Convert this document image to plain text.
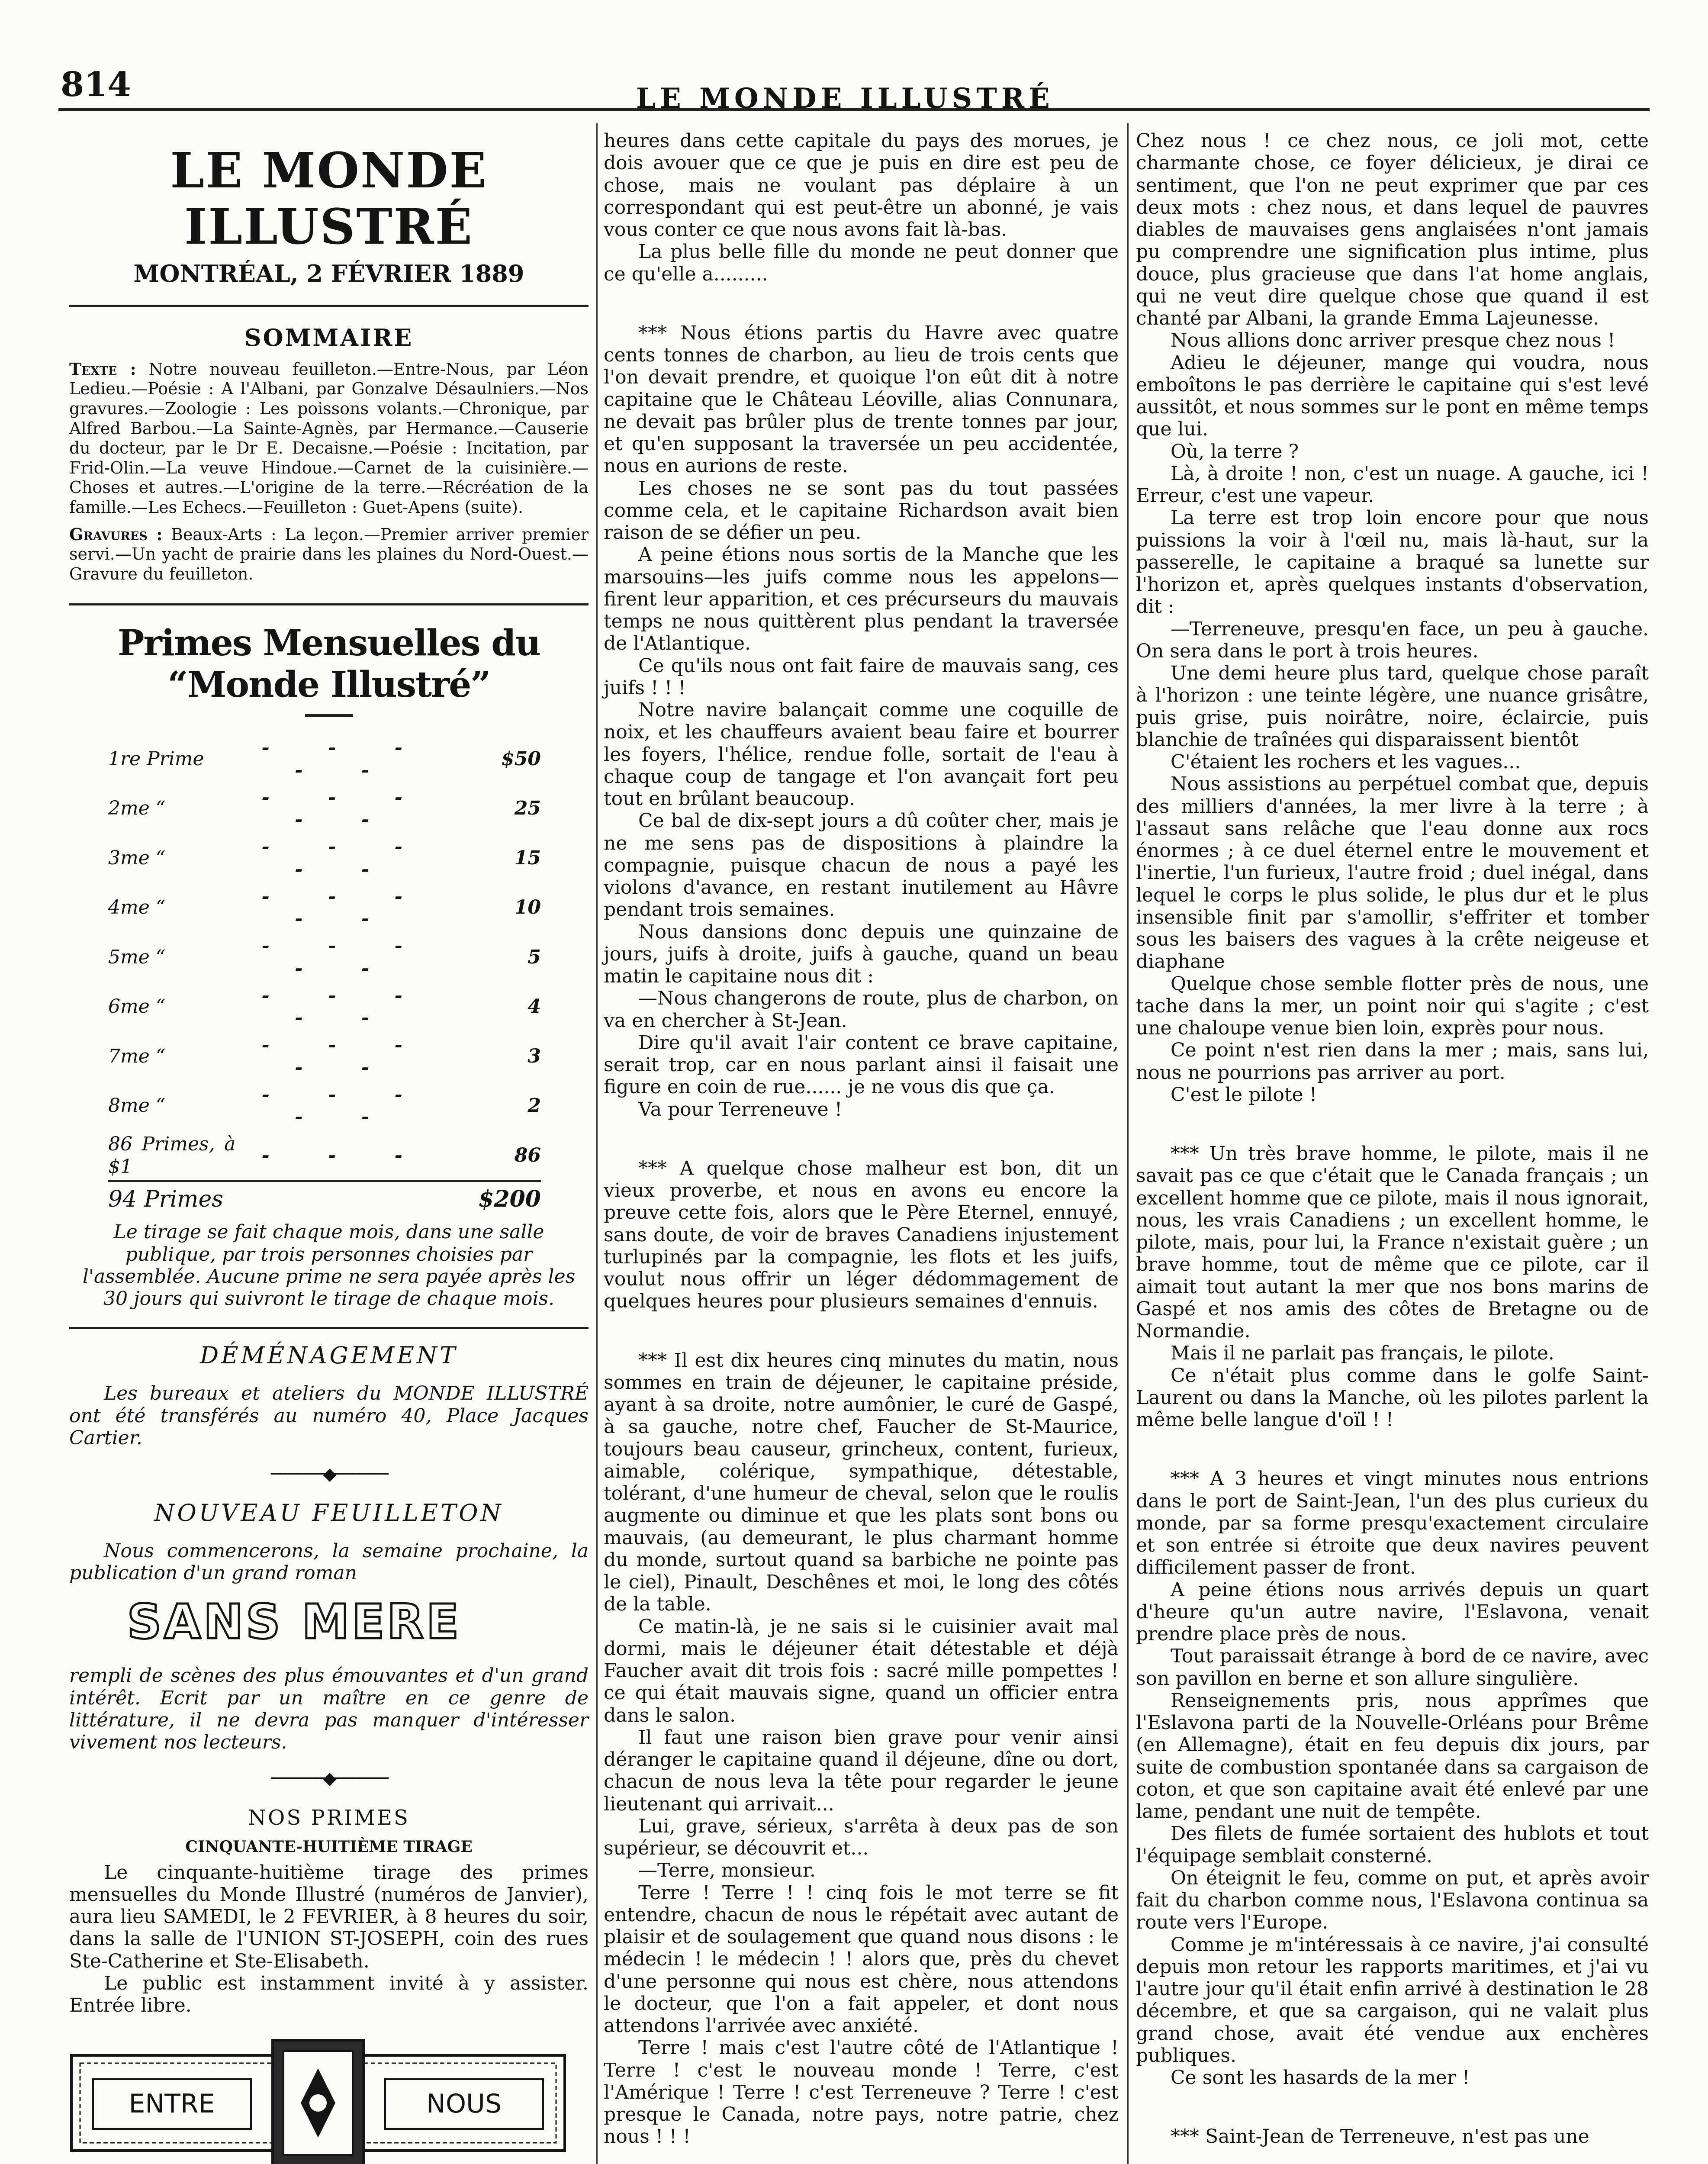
814	LE MONDE ILLUSTRÉ
LE MONDE ILLUSTRÉ
MONTRÉAL, 2 FÉVRIER 1889
SOMMAIRE

Texte : Notre nouveau feuilleton.—Entre-Nous, par Léon Ledieu.—Poésie : A l'Albani, par Gonzalve Désaulniers.—Nos gravures.—Zoologie : Les poissons volants.—Chronique, par Alfred Barbou.—La Sainte-Agnès, par Hermance.—Causerie du docteur, par le Dr E. Decaisne.—Poésie : Incitation, par Frid-Olin.—La veuve Hindoue.—Carnet de la cuisinière.—Choses et autres.—L'origine de la terre.—Récréation de la famille.—Les Echecs.—Feuilleton : Guet-Apens (suite).

Gravures : Beaux-Arts : La leçon.—Premier arriver premier servi.—Un yacht de prairie dans les plaines du Nord-Ouest.—Gravure du feuilleton.

Primes Mensuelles du “Monde Illustré”
1re Prime	- - - - -	$50
2me “	- - - - -	25
3me “	- - - - -	15
4me “	- - - - -	10
5me “	- - - - -	5
6me “	- - - - -	4
7me “	- - - - -	3
8me “	- - - - -	2
86 Primes, à $1	- - -	86
94 Primes	$200

Le tirage se fait chaque mois, dans une salle publique, par trois personnes choisies par l'assemblée. Aucune prime ne sera payée après les 30 jours qui suivront le tirage de chaque mois.

DÉMÉNAGEMENT

Les bureaux et ateliers du MONDE ILLUSTRÉ ont été transférés au numéro 40, Place Jacques Cartier.

──────◆──────
NOUVEAU FEUILLETON

Nous commencerons, la semaine prochaine, la publication d'un grand roman

SANS MERE

rempli de scènes des plus émouvantes et d'un grand intérêt. Ecrit par un maître en ce genre de littérature, il ne devra pas manquer d'intéresser vivement nos lecteurs.

──────◆──────
NOS PRIMES
CINQUANTE-HUITIÈME TIRAGE

Le cinquante-huitième tirage des primes mensuelles du Monde Illustré (numéros de Janvier), aura lieu SAMEDI, le 2 FEVRIER, à 8 heures du soir, dans la salle de l'UNION ST-JOSEPH, coin des rues Ste-Catherine et Ste-Elisabeth.

Le public est instamment invité à y assister. Entrée libre.

ENTRE	NOUS

heures dans cette capitale du pays des morues, je dois avouer que ce que je puis en dire est peu de chose, mais ne voulant pas déplaire à un correspondant qui est peut-être un abonné, je vais vous conter ce que nous avons fait là-bas.

La plus belle fille du monde ne peut donner que ce qu'elle a.........

*** Nous étions partis du Havre avec quatre cents tonnes de charbon, au lieu de trois cents que l'on devait prendre, et quoique l'on eût dit à notre capitaine que le Château Léoville, alias Connunara, ne devait pas brûler plus de trente tonnes par jour, et qu'en supposant la traversée un peu accidentée, nous en aurions de reste.

Les choses ne se sont pas du tout passées comme cela, et le capitaine Richardson avait bien raison de se défier un peu.

A peine étions nous sortis de la Manche que les marsouins—les juifs comme nous les appelons—firent leur apparition, et ces précurseurs du mauvais temps ne nous quittèrent plus pendant la traversée de l'Atlantique.

Ce qu'ils nous ont fait faire de mauvais sang, ces juifs ! ! !

Notre navire balançait comme une coquille de noix, et les chauffeurs avaient beau faire et bourrer les foyers, l'hélice, rendue folle, sortait de l'eau à chaque coup de tangage et l'on avançait fort peu tout en brûlant beaucoup.

Ce bal de dix-sept jours a dû coûter cher, mais je ne me sens pas de dispositions à plaindre la compagnie, puisque chacun de nous a payé les violons d'avance, en restant inutilement au Hâvre pendant trois semaines.

Nous dansions donc depuis une quinzaine de jours, juifs à droite, juifs à gauche, quand un beau matin le capitaine nous dit :

—Nous changerons de route, plus de charbon, on va en chercher à St-Jean.

Dire qu'il avait l'air content ce brave capitaine, serait trop, car en nous parlant ainsi il faisait une figure en coin de rue...... je ne vous dis que ça.

Va pour Terreneuve !

*** A quelque chose malheur est bon, dit un vieux proverbe, et nous en avons eu encore la preuve cette fois, alors que le Père Eternel, ennuyé, sans doute, de voir de braves Canadiens injustement turlupinés par la compagnie, les flots et les juifs, voulut nous offrir un léger dédommagement de quelques heures pour plusieurs semaines d'ennuis.

*** Il est dix heures cinq minutes du matin, nous sommes en train de déjeuner, le capitaine préside, ayant à sa droite, notre aumônier, le curé de Gaspé, à sa gauche, notre chef, Faucher de St-Maurice, toujours beau causeur, grincheux, content, furieux, aimable, colérique, sympathique, détestable, tolérant, d'une humeur de cheval, selon que le roulis augmente ou diminue et que les plats sont bons ou mauvais, (au demeurant, le plus charmant homme du monde, surtout quand sa barbiche ne pointe pas le ciel), Pinault, Deschênes et moi, le long des côtés de la table.

Ce matin-là, je ne sais si le cuisinier avait mal dormi, mais le déjeuner était détestable et déjà Faucher avait dit trois fois : sacré mille pompettes ! ce qui était mauvais signe, quand un officier entra dans le salon.

Il faut une raison bien grave pour venir ainsi déranger le capitaine quand il déjeune, dîne ou dort, chacun de nous leva la tête pour regarder le jeune lieutenant qui arrivait...

Lui, grave, sérieux, s'arrêta à deux pas de son supérieur, se découvrit et...

—Terre, monsieur.

Terre ! Terre ! ! cinq fois le mot terre se fit entendre, chacun de nous le répétait avec autant de plaisir et de soulagement que quand nous disons : le médecin ! le médecin ! ! alors que, près du chevet d'une personne qui nous est chère, nous attendons le docteur, que l'on a fait appeler, et dont nous attendons l'arrivée avec anxiété.

Terre ! mais c'est l'autre côté de l'Atlantique ! Terre ! c'est le nouveau monde ! Terre, c'est l'Amérique ! Terre ! c'est Terreneuve ? Terre ! c'est presque le Canada, notre pays, notre patrie, chez nous ! ! !

Chez nous ! ce chez nous, ce joli mot, cette charmante chose, ce foyer délicieux, je dirai ce sentiment, que l'on ne peut exprimer que par ces deux mots : chez nous, et dans lequel de pauvres diables de mauvaises gens anglaisées n'ont jamais pu comprendre une signification plus intime, plus douce, plus gracieuse que dans l'at home anglais, qui ne veut dire quelque chose que quand il est chanté par Albani, la grande Emma Lajeunesse.

Nous allions donc arriver presque chez nous !

Adieu le déjeuner, mange qui voudra, nous emboîtons le pas derrière le capitaine qui s'est levé aussitôt, et nous sommes sur le pont en même temps que lui.

Où, la terre ?

Là, à droite ! non, c'est un nuage. A gauche, ici ! Erreur, c'est une vapeur.

La terre est trop loin encore pour que nous puissions la voir à l'œil nu, mais là-haut, sur la passerelle, le capitaine a braqué sa lunette sur l'horizon et, après quelques instants d'observation, dit :

—Terreneuve, presqu'en face, un peu à gauche. On sera dans le port à trois heures.

Une demi heure plus tard, quelque chose paraît à l'horizon : une teinte légère, une nuance grisâtre, puis grise, puis noirâtre, noire, éclaircie, puis blanchie de traînées qui disparaissent bientôt

C'étaient les rochers et les vagues...

Nous assistions au perpétuel combat que, depuis des milliers d'années, la mer livre à la terre ; à l'assaut sans relâche que l'eau donne aux rocs énormes ; à ce duel éternel entre le mouvement et l'inertie, l'un furieux, l'autre froid ; duel inégal, dans lequel le corps le plus solide, le plus dur et le plus insensible finit par s'amollir, s'effriter et tomber sous les baisers des vagues à la crête neigeuse et diaphane

Quelque chose semble flotter près de nous, une tache dans la mer, un point noir qui s'agite ; c'est une chaloupe venue bien loin, exprès pour nous.

Ce point n'est rien dans la mer ; mais, sans lui, nous ne pourrions pas arriver au port.

C'est le pilote !

*** Un très brave homme, le pilote, mais il ne savait pas ce que c'était que le Canada français ; un excellent homme que ce pilote, mais il nous ignorait, nous, les vrais Canadiens ; un excellent homme, le pilote, mais, pour lui, la France n'existait guère ; un brave homme, tout de même que ce pilote, car il aimait tout autant la mer que nos bons marins de Gaspé et nos amis des côtes de Bretagne ou de Normandie.

Mais il ne parlait pas français, le pilote.

Ce n'était plus comme dans le golfe Saint-Laurent ou dans la Manche, où les pilotes parlent la même belle langue d'oïl ! !

*** A 3 heures et vingt minutes nous entrions dans le port de Saint-Jean, l'un des plus curieux du monde, par sa forme presqu'exactement circulaire et son entrée si étroite que deux navires peuvent difficilement passer de front.

A peine étions nous arrivés depuis un quart d'heure qu'un autre navire, l'Eslavona, venait prendre place près de nous.

Tout paraissait étrange à bord de ce navire, avec son pavillon en berne et son allure singulière.

Renseignements pris, nous apprîmes que l'Eslavona parti de la Nouvelle-Orléans pour Brême (en Allemagne), était en feu depuis dix jours, par suite de combustion spontanée dans sa cargaison de coton, et que son capitaine avait été enlevé par une lame, pendant une nuit de tempête.

Des filets de fumée sortaient des hublots et tout l'équipage semblait consterné.

On éteignit le feu, comme on put, et après avoir fait du charbon comme nous, l'Eslavona continua sa route vers l'Europe.

Comme je m'intéressais à ce navire, j'ai consulté depuis mon retour les rapports maritimes, et j'ai vu l'autre jour qu'il était enfin arrivé à destination le 28 décembre, et que sa cargaison, qui ne valait plus grand chose, avait été vendue aux enchères publiques.

Ce sont les hasards de la mer !

*** Saint-Jean de Terreneuve, n'est pas une
